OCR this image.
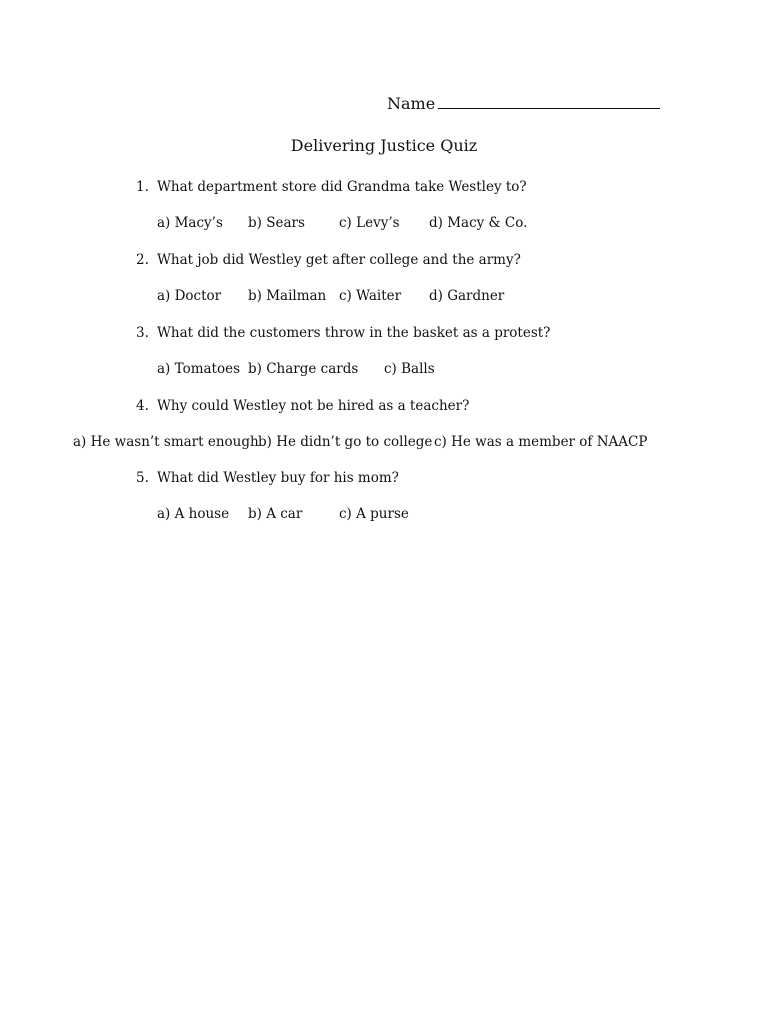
Name
Delivering Justice Quiz
1. What department store did Grandma take Westley to?
a) Macy’s b) Sears	c) Levy’s d) Macy & Co.
2. What job did Westley get after college and the army?
a) Doctor b) Mailman c) Waiter d) Gardner
3. What did the customers throw in the basket as a protest?
a) Tomatoes b) Charge cards c) Balls
4. Why could Westley not be hired as a teacher?
a) He wasn’t smart enough b) He didn’t go to college c) He was a member of NAACP
5. What did Westley buy for his mom?
a) A house b) A car	c) A purse
